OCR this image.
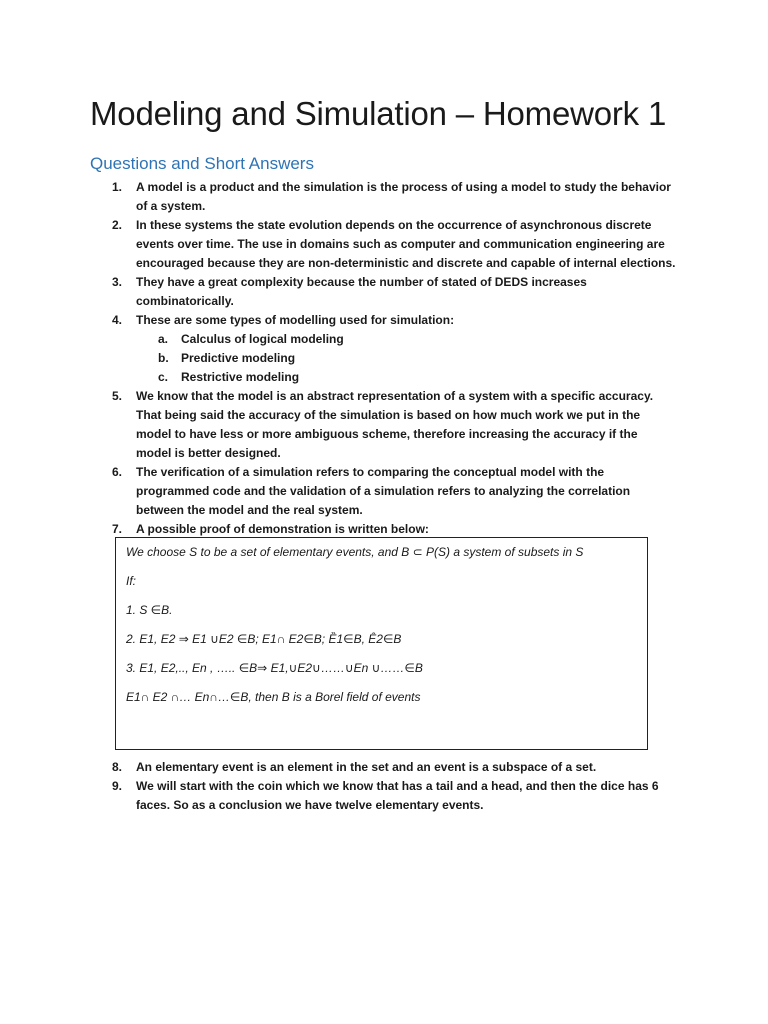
Modeling and Simulation – Homework 1
Questions and Short Answers
1.	A model is a product and the simulation is the process of using a model to study the behavior of a system.
2.	In these systems the state evolution depends on the occurrence of asynchronous discrete events over time. The use in domains such as computer and communication engineering are encouraged because they are non-deterministic and discrete and capable of internal elections.
3.	They have a great complexity because the number of stated of DEDS increases combinatorically.
4.	These are some types of modelling used for simulation:
a. Calculus of logical modeling
b. Predictive modeling
c. Restrictive modeling
5.	We know that the model is an abstract representation of a system with a specific accuracy. That being said the accuracy of the simulation is based on how much work we put in the model to have less or more ambiguous scheme, therefore increasing the accuracy if the model is better designed.
6.	The verification of a simulation refers to comparing the conceptual model with the programmed code and the validation of a simulation refers to analyzing the correlation between the model and the real system.
7.	A possible proof of demonstration is written below:

We choose S to be a set of elementary events, and B ⊂ P(S) a system of subsets in S

If:

1. S ∈B.

2. E1, E2 ⇒ E1 ∪E2 ∈B; E1∩ E2∈B; Ȅ1∈B, Ȇ2∈B

3. E1, E2,.., En , ….. ∈B⇒ E1,∪E2∪……∪En ∪……∈B

E1∩ E2 ∩… En∩…∈B, then B is a Borel field of events

8.	An elementary event is an element in the set and an event is a subspace of a set.
9.	We will start with the coin which we know that has a tail and a head, and then the dice has 6 faces. So as a conclusion we have twelve elementary events.
